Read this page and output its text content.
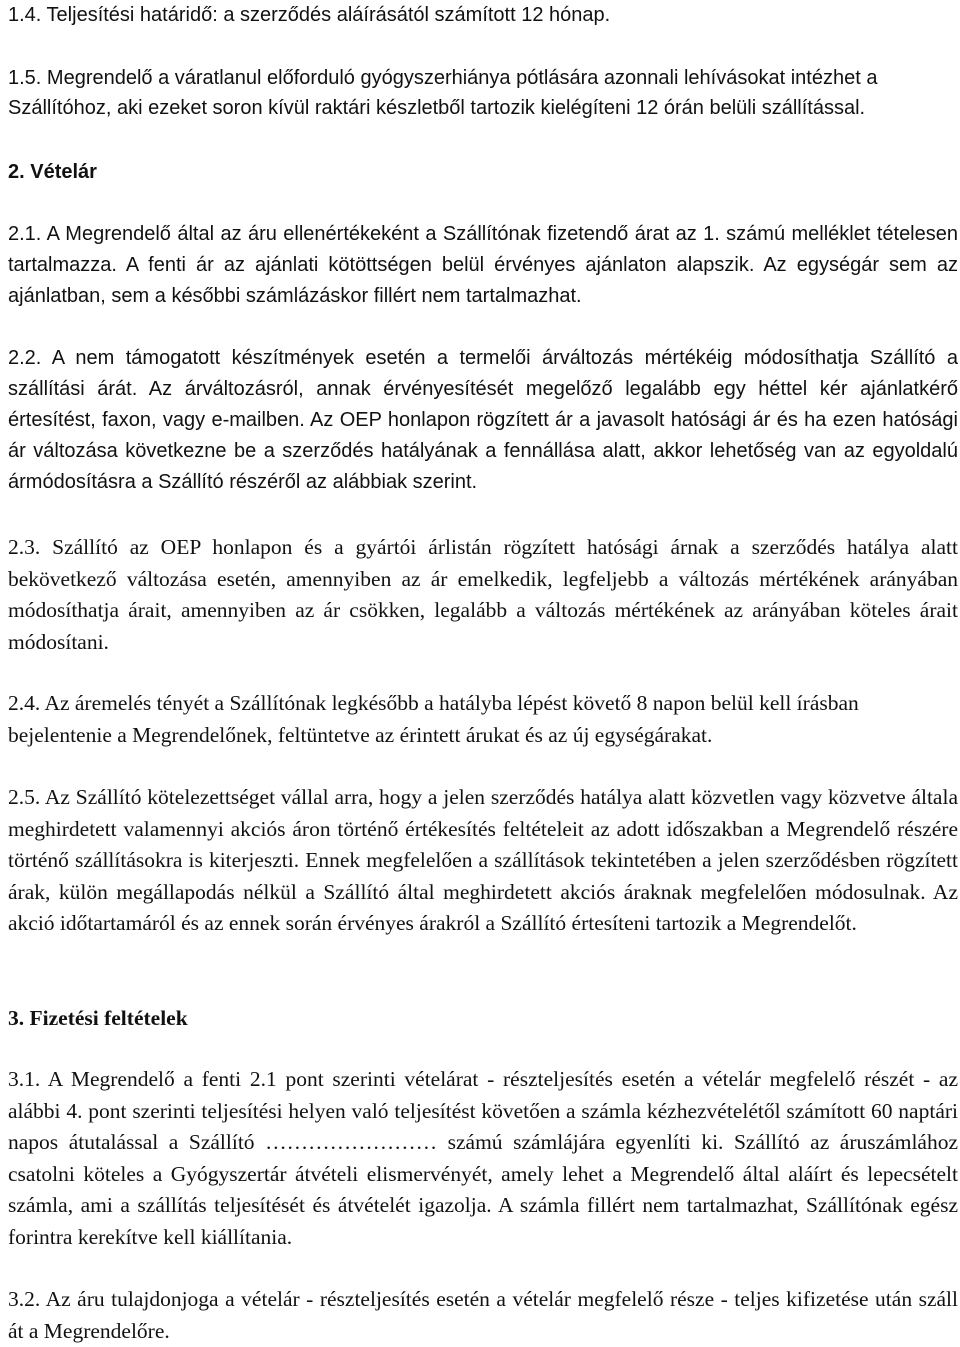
1.4. Teljesítési határidő: a szerződés aláírásától számított 12 hónap.

1.5. Megrendelő a váratlanul előforduló gyógyszerhiánya pótlására azonnali lehívásokat intézhet a Szállítóhoz, aki ezeket soron kívül raktári készletből tartozik kielégíteni 12 órán belüli szállítással.

2. Vételár

2.1. A Megrendelő által az áru ellenértékeként a Szállítónak fizetendő árat az 1. számú melléklet tételesen tartalmazza. A fenti ár az ajánlati kötöttségen belül érvényes ajánlaton alapszik. Az egységár sem az ajánlatban, sem a későbbi számlázáskor fillért nem tartalmazhat.

2.2. A nem támogatott készítmények esetén a termelői árváltozás mértékéig módosíthatja Szállító a szállítási árát. Az árváltozásról, annak érvényesítését megelőző legalább egy héttel kér ajánlatkérő értesítést, faxon, vagy e-mailben. Az OEP honlapon rögzített ár a javasolt hatósági ár és ha ezen hatósági ár változása következne be a szerződés hatályának a fennállása alatt, akkor lehetőség van az egyoldalú ármódosításra a Szállító részéről az alábbiak szerint.

2.3. Szállító az OEP honlapon és a gyártói árlistán rögzített hatósági árnak a szerződés hatálya alatt bekövetkező változása esetén, amennyiben az ár emelkedik, legfeljebb a változás mértékének arányában módosíthatja árait, amennyiben az ár csökken, legalább a változás mértékének az arányában köteles árait módosítani.

2.4. Az áremelés tényét a Szállítónak legkésőbb a hatályba lépést követő 8 napon belül kell írásban bejelentenie a Megrendelőnek, feltüntetve az érintett árukat és az új egységárakat.

2.5. Az Szállító kötelezettséget vállal arra, hogy a jelen szerződés hatálya alatt közvetlen vagy közvetve általa meghirdetett valamennyi akciós áron történő értékesítés feltételeit az adott időszakban a Megrendelő részére történő szállításokra is kiterjeszti. Ennek megfelelően a szállítások tekintetében a jelen szerződésben rögzített árak, külön megállapodás nélkül a Szállító által meghirdetett akciós áraknak megfelelően módosulnak. Az akció időtartamáról és az ennek során érvényes árakról a Szállító értesíteni tartozik a Megrendelőt.

3. Fizetési feltételek

3.1. A Megrendelő a fenti 2.1 pont szerinti vételárat - részteljesítés esetén a vételár megfelelő részét - az alábbi 4. pont szerinti teljesítési helyen való teljesítést követően a számla kézhezvételétől számított 60 naptári napos átutalással a Szállító …………………… számú számlájára egyenlíti ki. Szállító az áruszámlához csatolni köteles a Gyógyszertár átvételi elismervényét, amely lehet a Megrendelő által aláírt és lepecsételt számla, ami a szállítás teljesítését és átvételét igazolja. A számla fillért nem tartalmazhat, Szállítónak egész forintra kerekítve kell kiállítania.

3.2. Az áru tulajdonjoga a vételár - részteljesítés esetén a vételár megfelelő része - teljes kifizetése után száll át a Megrendelőre.
